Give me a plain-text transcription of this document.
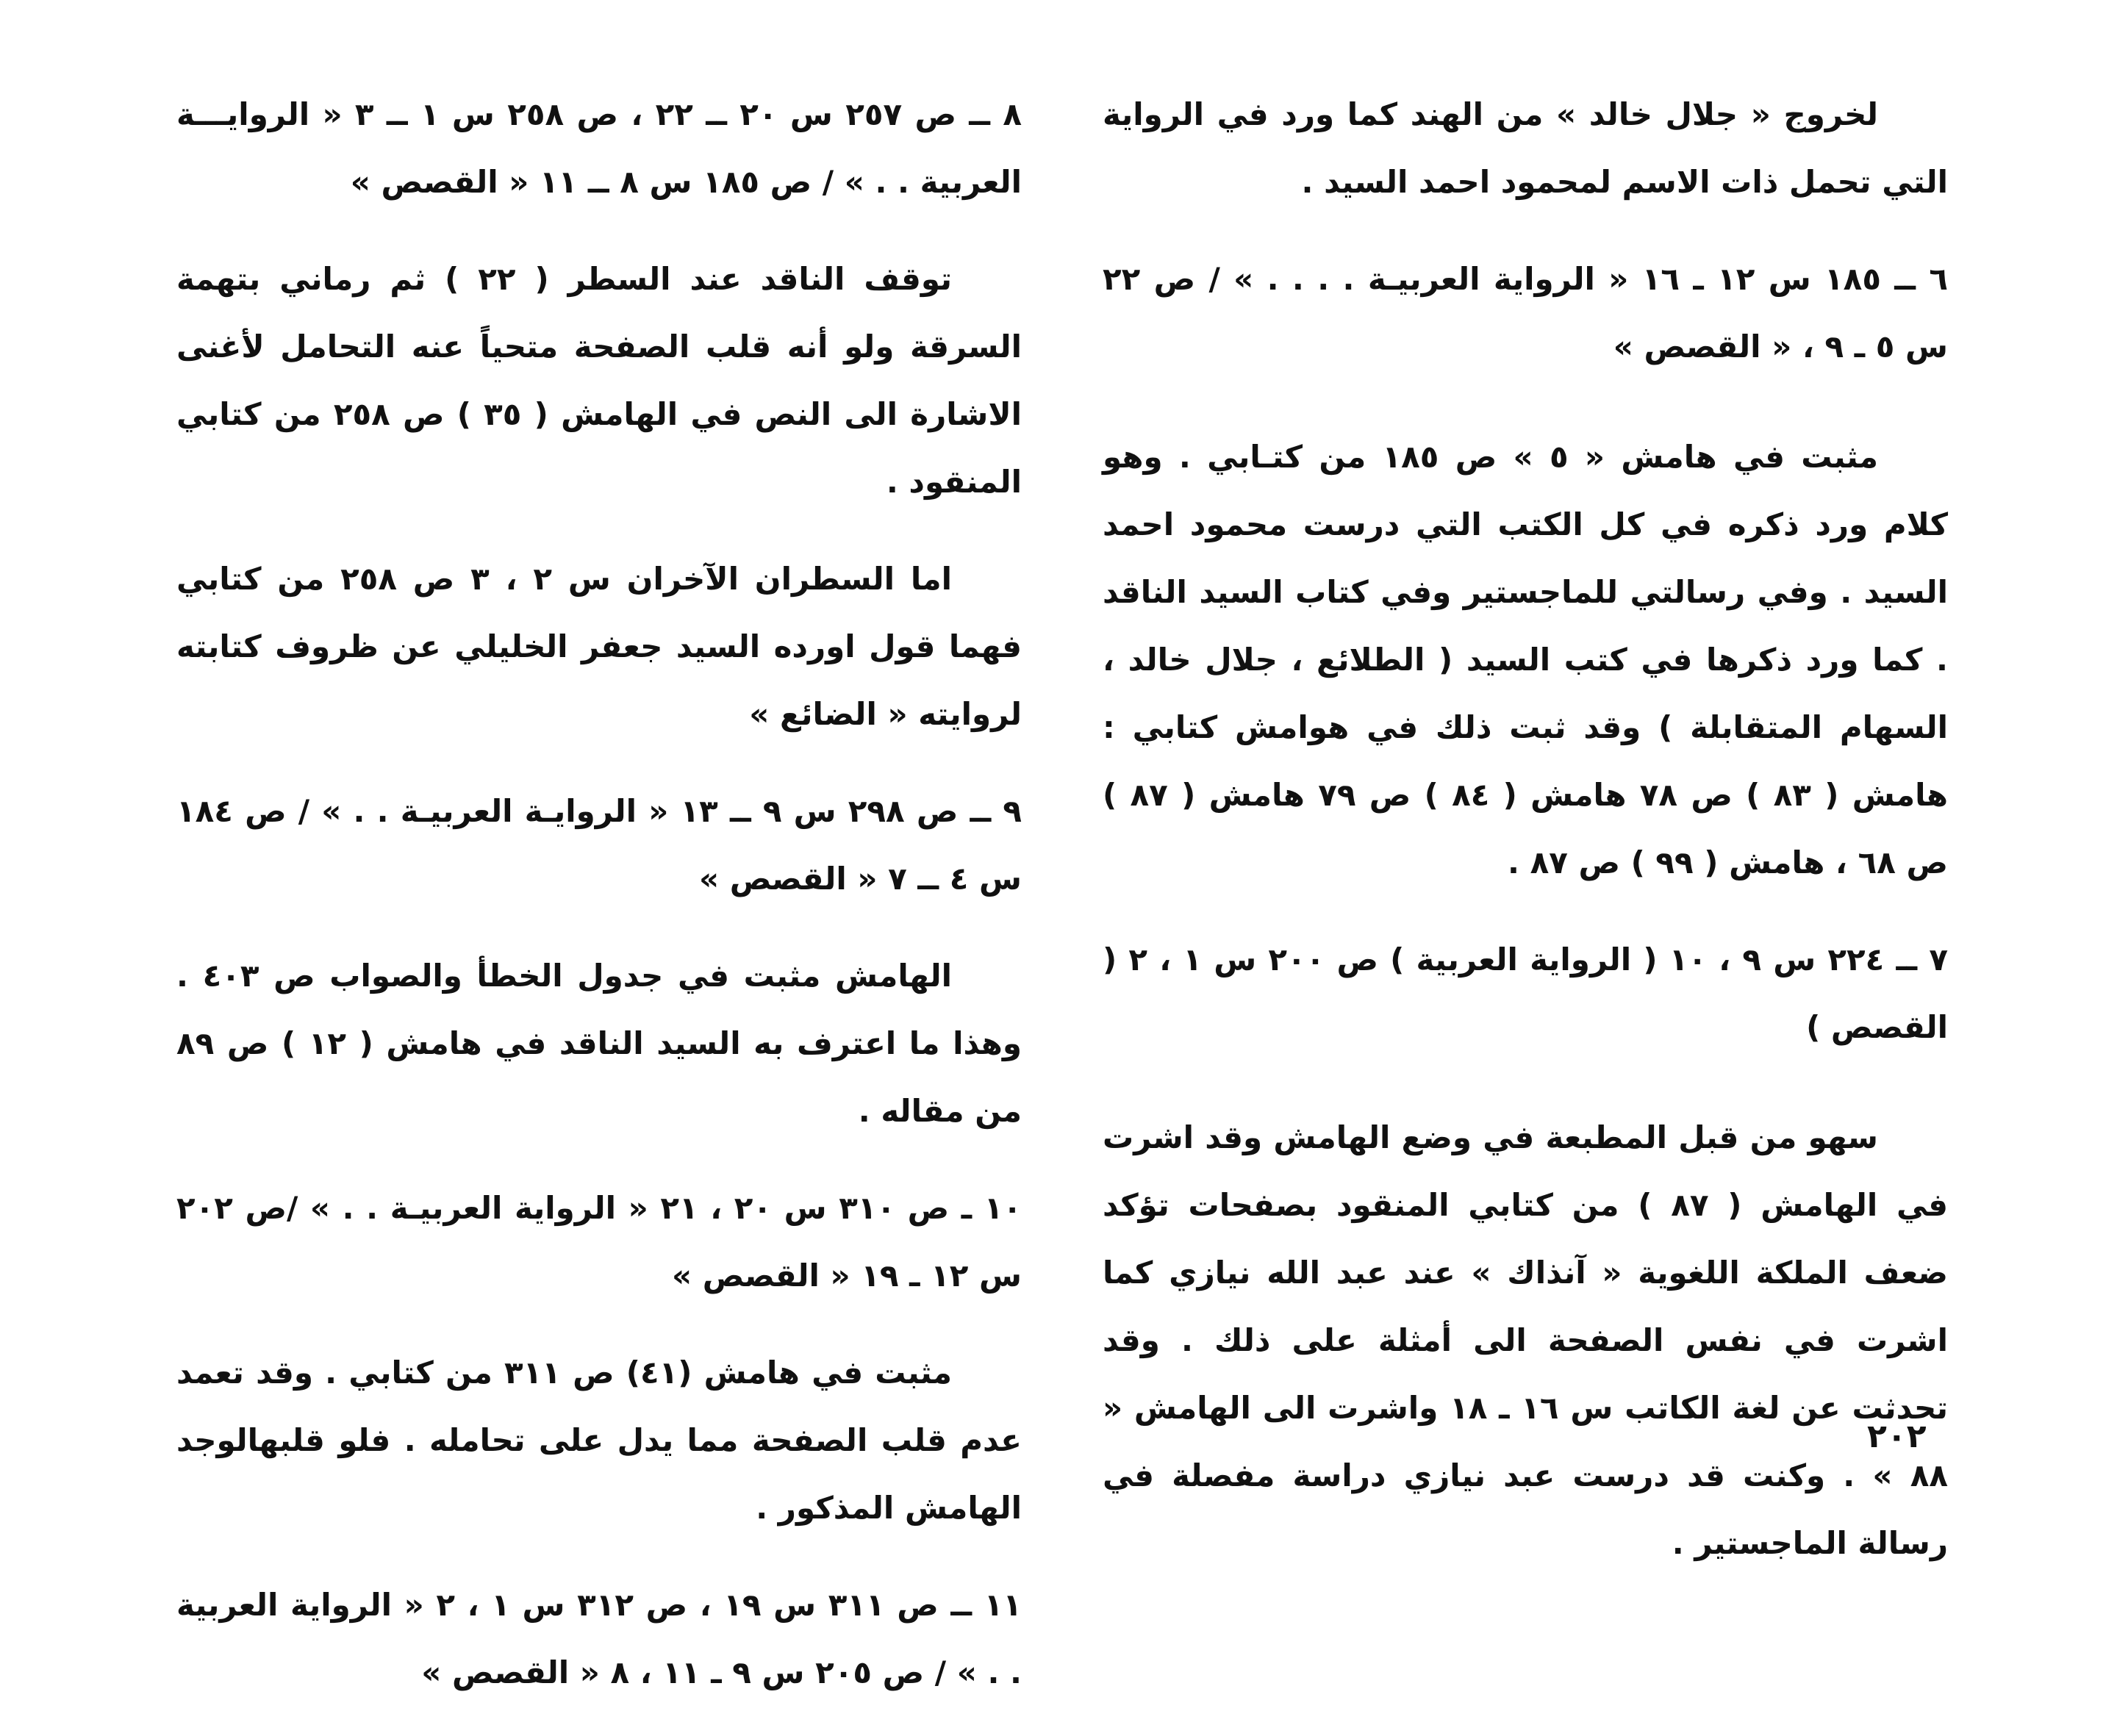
لخروج « جلال خالد » من الهند كما ورد في الرواية التي تحمل ذات الاسم لمحمود احمد السيد .

٦ ــ ١٨٥ س ١٢ ـ ١٦ « الرواية العربيـة . . . . » / ص ٢٢ س ٥ ـ ٩ ، « القصص »

مثبت في هامش « ٥ » ص ١٨٥ من كتـابي . وهو كلام ورد ذكره في كل الكتب التي درست محمود احمد السيد . وفي رسالتي للماجستير وفي كتاب السيد الناقد . كما ورد ذكرها في كتب السيد ( الطلائع ، جلال خالد ، السهام المتقابلة ) وقد ثبت ذلك في هوامش كتابي : هامش ( ٨٣ ) ص ٧٨ هامش ( ٨٤ ) ص ٧٩ هامش ( ٨٧ ) ص ٦٨ ، هامش ( ٩٩ ) ص ٨٧ .

٧ ــ ٢٢٤ س ٩ ، ١٠ ( الرواية العربية ) ص ٢٠٠ س ١ ، ٢ ( القصص )

سهو من قبل المطبعة في وضع الهامش وقد اشرت في الهامش ( ٨٧ ) من كتابي المنقود بصفحات تؤكد ضعف الملكة اللغوية « آنذاك » عند عبد الله نيازي كما اشرت في نفس الصفحة الى أمثلة على ذلك . وقد تحدثت عن لغة الكاتب س ١٦ ـ ١٨ واشرت الى الهامش « ٨٨ » . وكنت قد درست عبد نيازي دراسة مفصلة في رسالة الماجستير .

٨ ــ ص ٢٥٧ س ٢٠ ــ ٢٢ ، ص ٢٥٨ س ١ ــ ٣ « الروايـــة العربية . . » / ص ١٨٥ س ٨ ــ ١١ « القصص »

توقف الناقد عند السطر ( ٢٢ ) ثم رماني بتهمة السرقة ولو أنه قلب الصفحة متحياً عنه التحامل لأغنى الاشارة الى النص في الهامش ( ٣٥ ) ص ٢٥٨ من كتابي المنقود .

اما السطران الآخران س ٢ ، ٣ ص ٢٥٨ من كتابي فهما قول اورده السيد جعفر الخليلي عن ظروف كتابته لروايته « الضائع »

٩ ــ ص ٢٩٨ س ٩ ــ ١٣ « الروايـة العربيـة . . » / ص ١٨٤ س ٤ ــ ٧ « القصص »

الهامش مثبت في جدول الخطأ والصواب ص ٤٠٣ . وهذا ما اعترف به السيد الناقد في هامش ( ١٢ ) ص ٨٩ من مقاله .

١٠ ـ ص ٣١٠ س ٢٠ ، ٢١ « الرواية العربيـة . . » /ص ٢٠٢ س ١٢ ـ ١٩ « القصص »

مثبت في هامش (٤١) ص ٣١١ من كتابي . وقد تعمد عدم قلب الصفحة مما يدل على تحامله . فلو قلبهالوجد الهامش المذكور .

١١ ــ ص ٣١١ س ١٩ ، ص ٣١٢ س ١ ، ٢ « الرواية العربية . . » / ص ٢٠٥ س ٩ ـ ١١ ، ٨ « القصص »

٢٠٢
